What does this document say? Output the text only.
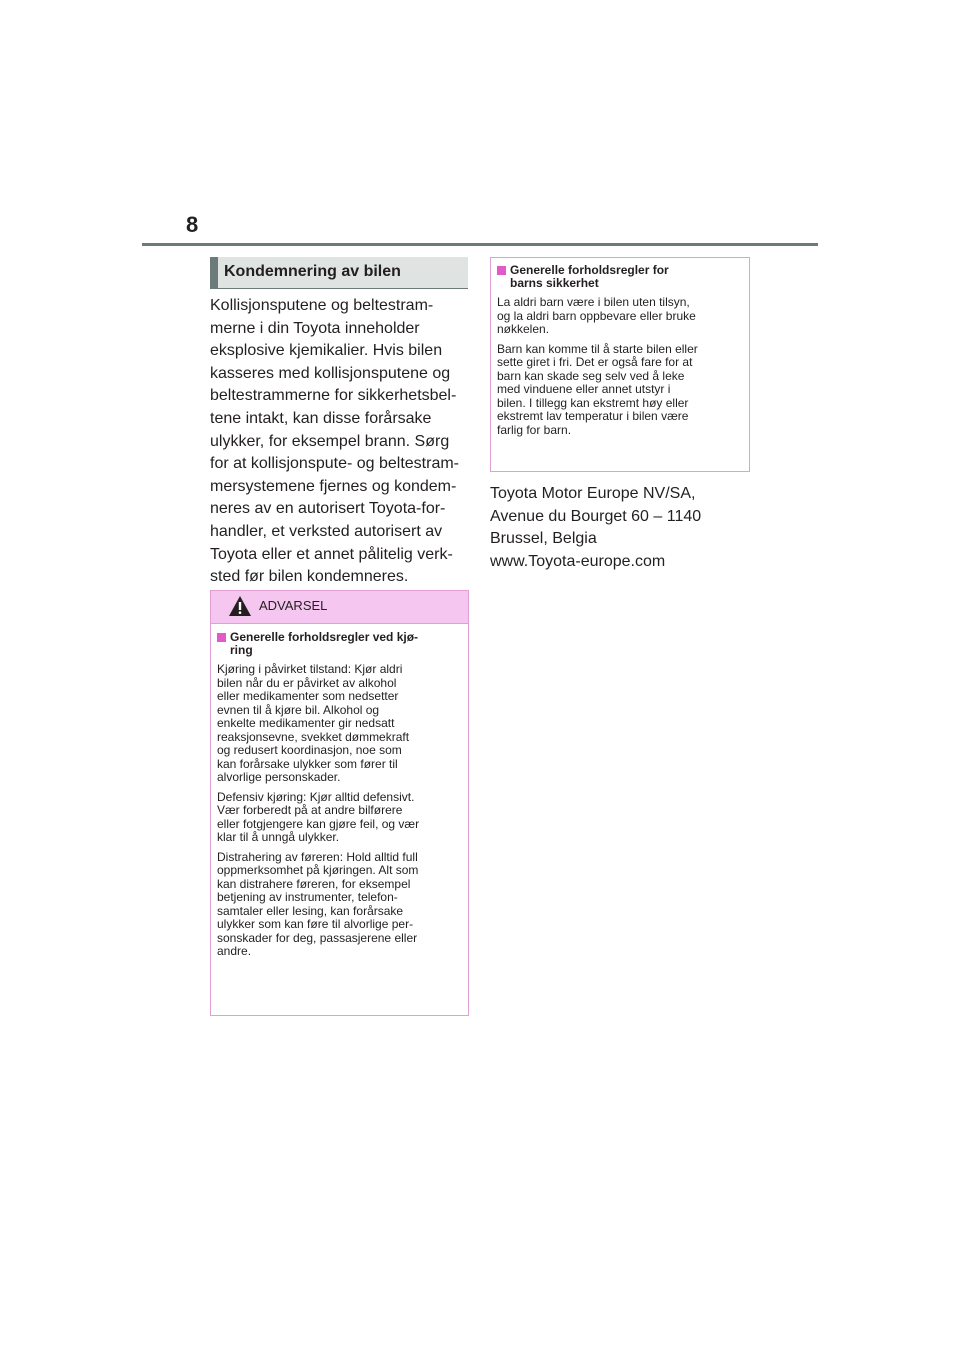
8
Kondemnering av bilen

Kollisjonsputene og beltestram-
merne i din Toyota inneholder
eksplosive kjemikalier. Hvis bilen
kasseres med kollisjonsputene og
beltestrammerne for sikkerhetsbel-
tene intakt, kan disse forårsake
ulykker, for eksempel brann. Sørg
for at kollisjonspute- og beltestram-
mersystemene fjernes og kondem-
neres av en autorisert Toyota-for-
handler, et verksted autorisert av
Toyota eller et annet pålitelig verk-
sted før bilen kondemneres.

ADVARSEL
Generelle forholdsregler ved kjø-
ring

Kjøring i påvirket tilstand: Kjør aldri
bilen når du er påvirket av alkohol
eller medikamenter som nedsetter
evnen til å kjøre bil. Alkohol og
enkelte medikamenter gir nedsatt
reaksjonsevne, svekket dømmekraft
og redusert koordinasjon, noe som
kan forårsake ulykker som fører til
alvorlige personskader.

Defensiv kjøring: Kjør alltid defensivt.
Vær forberedt på at andre bilførere
eller fotgjengere kan gjøre feil, og vær
klar til å unngå ulykker.

Distrahering av føreren: Hold alltid full
oppmerksomhet på kjøringen. Alt som
kan distrahere føreren, for eksempel
betjening av instrumenter, telefon-
samtaler eller lesing, kan forårsake
ulykker som kan føre til alvorlige per-
sonskader for deg, passasjerene eller
andre.

Generelle forholdsregler for
barns sikkerhet

La aldri barn være i bilen uten tilsyn,
og la aldri barn oppbevare eller bruke
nøkkelen.

Barn kan komme til å starte bilen eller
sette giret i fri. Det er også fare for at
barn kan skade seg selv ved å leke
med vinduene eller annet utstyr i
bilen. I tillegg kan ekstremt høy eller
ekstremt lav temperatur i bilen være
farlig for barn.

Toyota Motor Europe NV/SA,
Avenue du Bourget 60 – 1140
Brussel, Belgia
www.Toyota-europe.com
